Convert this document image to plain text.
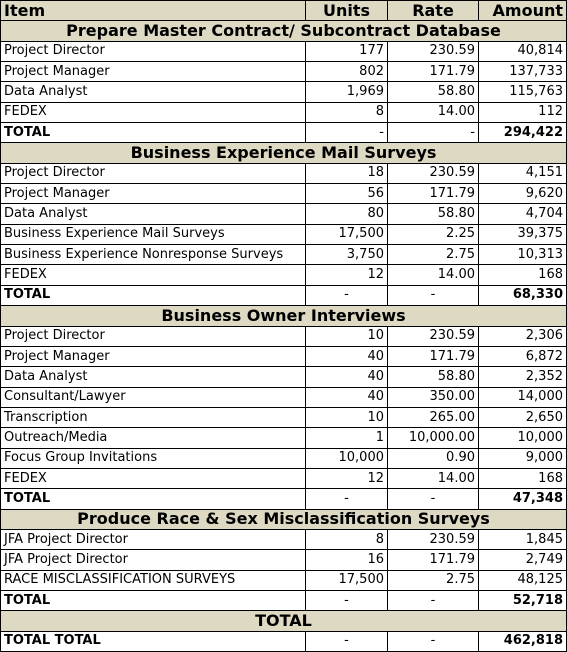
Item	Units	Rate	Amount
Prepare Master Contract/ Subcontract Database			
Project Director	177	230.59	40,814
Project Manager	802	171.79	137,733
Data Analyst	1,969	58.80	115,763
FEDEX	8	14.00	112
TOTAL	-	-	294,422
Business Experience Mail Surveys			
Project Director	18	230.59	4,151
Project Manager	56	171.79	9,620
Data Analyst	80	58.80	4,704
Business Experience Mail Surveys	17,500	2.25	39,375
Business Experience Nonresponse Surveys	3,750	2.75	10,313
FEDEX	12	14.00	168
TOTAL	-	-	68,330
Business Owner Interviews			
Project Director	10	230.59	2,306
Project Manager	40	171.79	6,872
Data Analyst	40	58.80	2,352
Consultant/Lawyer	40	350.00	14,000
Transcription	10	265.00	2,650
Outreach/Media	1	10,000.00	10,000
Focus Group Invitations	10,000	0.90	9,000
FEDEX	12	14.00	168
TOTAL	-	-	47,348
Produce Race & Sex Misclassification Surveys			
JFA Project Director	8	230.59	1,845
JFA Project Director	16	171.79	2,749
RACE MISCLASSIFICATION SURVEYS	17,500	2.75	48,125
TOTAL	-	-	52,718
TOTAL			
TOTAL TOTAL	-	-	462,818
